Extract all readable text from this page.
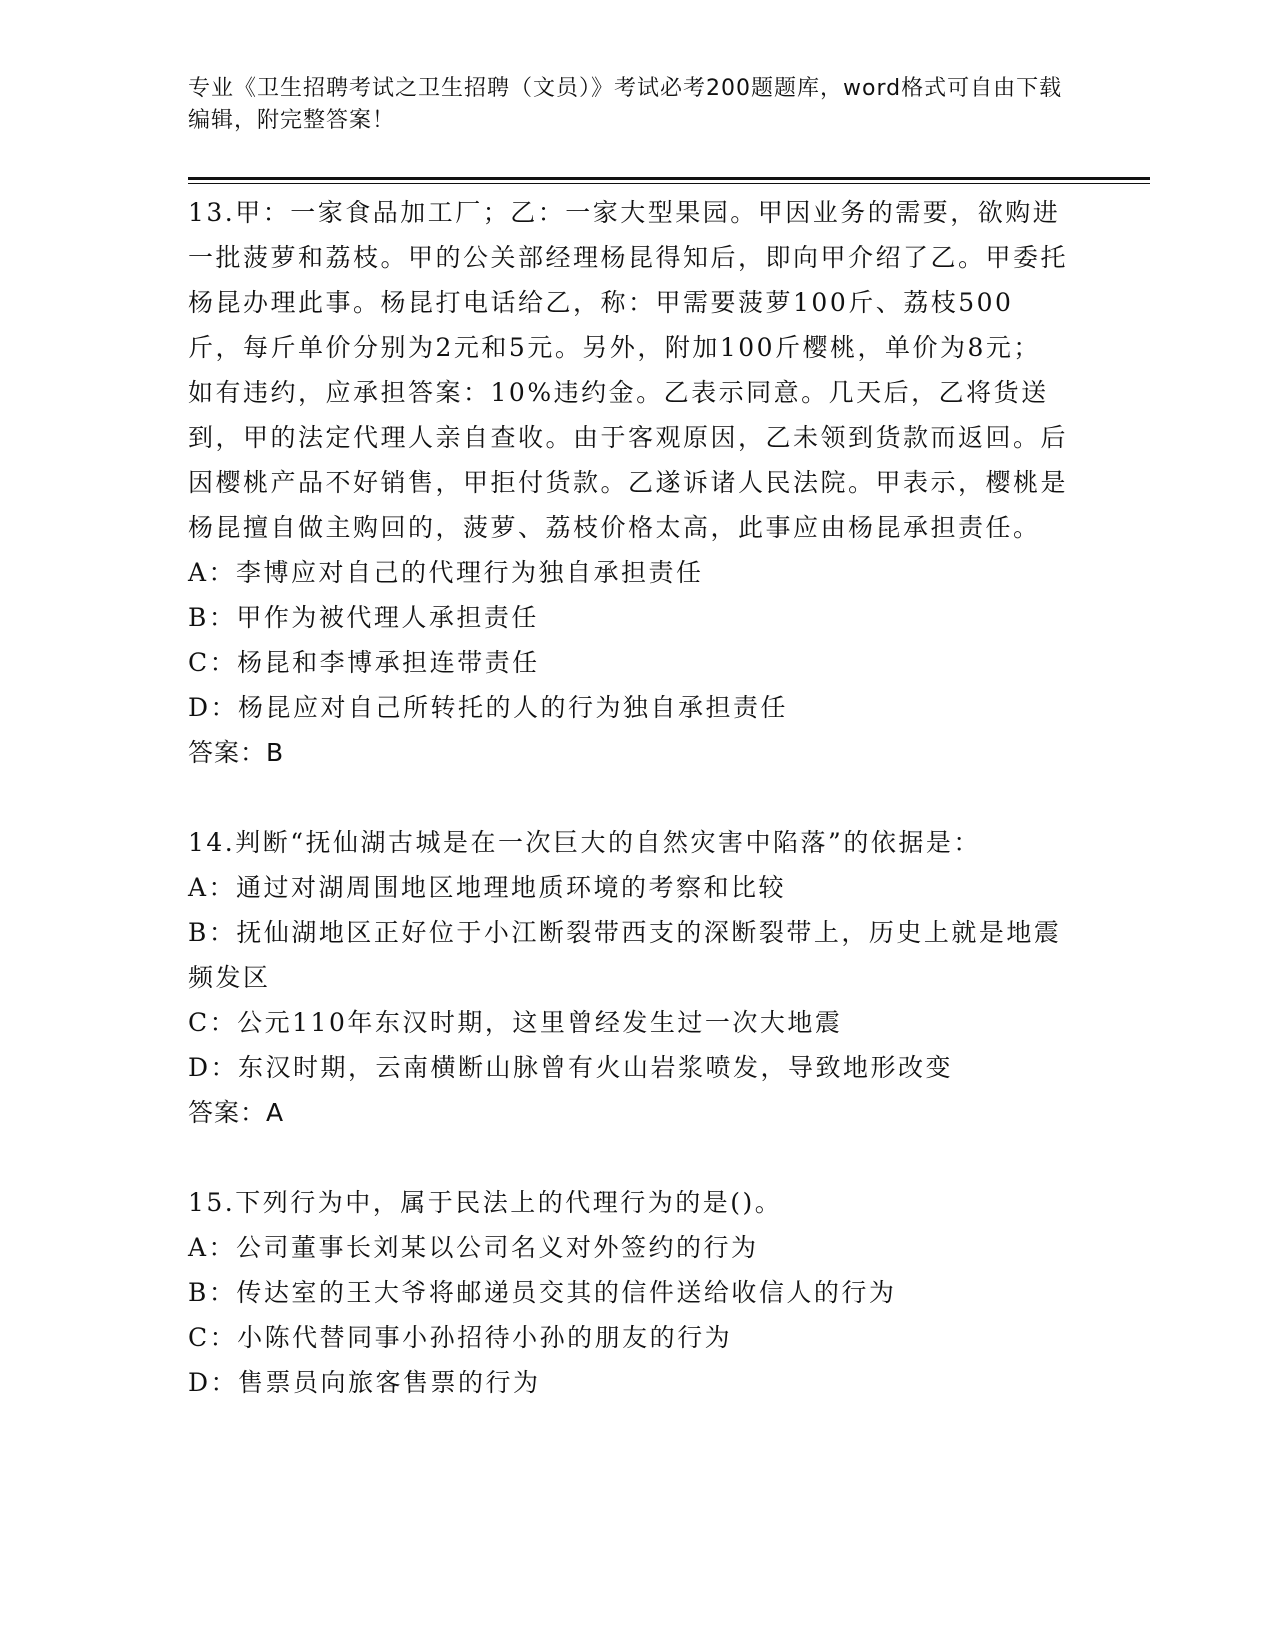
专业《卫生招聘考试之卫生招聘（文员）》考试必考200题题库，word格式可自由下载编辑，附完整答案！

13.甲：一家食品加工厂；乙：一家大型果园。甲因业务的需要，欲购进一批菠萝和荔枝。甲的公关部经理杨昆得知后，即向甲介绍了乙。甲委托杨昆办理此事。杨昆打电话给乙，称：甲需要菠萝100斤、荔枝500斤，每斤单价分别为2元和5元。另外，附加100斤樱桃，单价为8元；如有违约，应承担答案：10%违约金。乙表示同意。几天后，乙将货送到，甲的法定代理人亲自查收。由于客观原因，乙未领到货款而返回。后因樱桃产品不好销售，甲拒付货款。乙遂诉诸人民法院。甲表示，樱桃是杨昆擅自做主购回的，菠萝、荔枝价格太高，此事应由杨昆承担责任。

A：李博应对自己的代理行为独自承担责任

B：甲作为被代理人承担责任

C：杨昆和李博承担连带责任

D：杨昆应对自己所转托的人的行为独自承担责任

答案：B

14.判断“抚仙湖古城是在一次巨大的自然灾害中陷落”的依据是：

A：通过对湖周围地区地理地质环境的考察和比较

B：抚仙湖地区正好位于小江断裂带西支的深断裂带上，历史上就是地震频发区

C：公元110年东汉时期，这里曾经发生过一次大地震

D：东汉时期，云南横断山脉曾有火山岩浆喷发，导致地形改变

答案：A

15.下列行为中，属于民法上的代理行为的是()。

A：公司董事长刘某以公司名义对外签约的行为

B：传达室的王大爷将邮递员交其的信件送给收信人的行为

C：小陈代替同事小孙招待小孙的朋友的行为

D：售票员向旅客售票的行为
